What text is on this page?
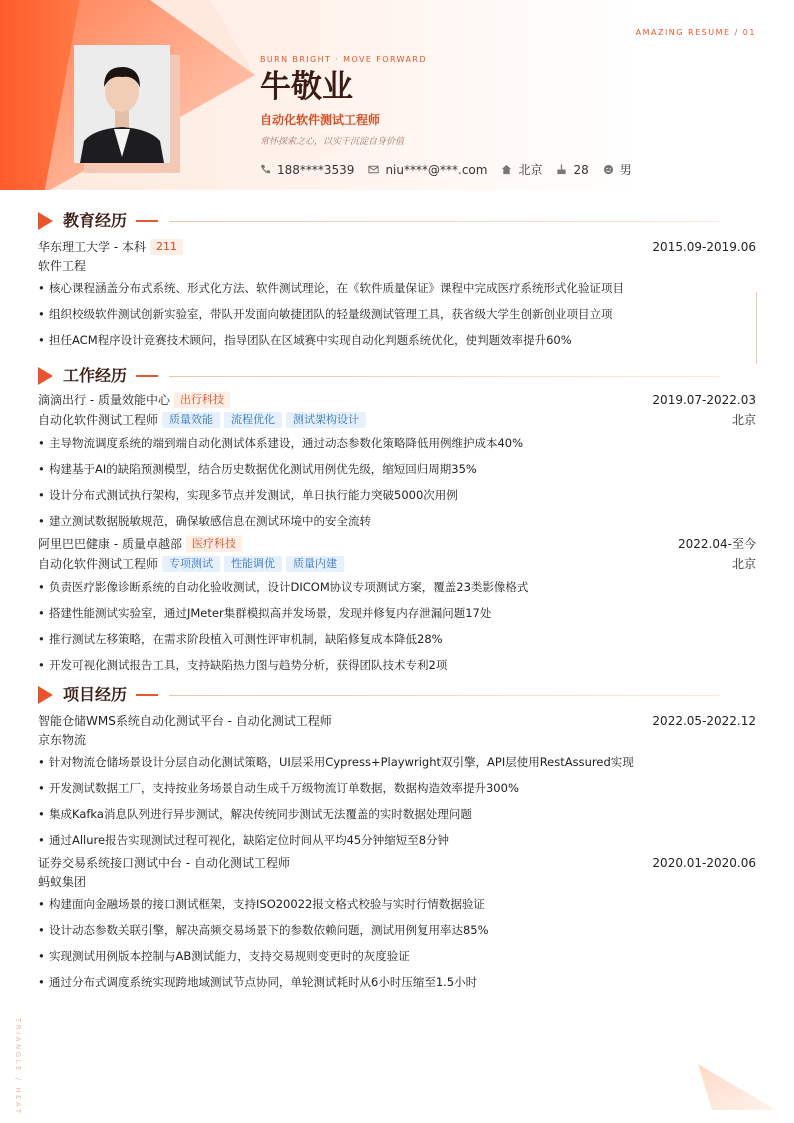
AMAZING RESUME / 01
BURN BRIGHT · MOVE FORWARD
牛敬业
自动化软件测试工程师
常怀探索之心，以实干沉淀自身价值
188****3539	niu****@***.com	北京	28	男
教育经历
华东理工大学 - 本科 211	2015.09-2019.06
软件工程
• 核心课程涵盖分布式系统、形式化方法、软件测试理论，在《软件质量保证》课程中完成医疗系统形式化验证项目
• 组织校级软件测试创新实验室，带队开发面向敏捷团队的轻量级测试管理工具，获省级大学生创新创业项目立项
• 担任ACM程序设计竞赛技术顾问，指导团队在区域赛中实现自动化判题系统优化，使判题效率提升60%
工作经历
滴滴出行 - 质量效能中心 出行科技	2019.07-2022.03
自动化软件测试工程师	质量效能	流程优化	测试架构设计	北京
• 主导物流调度系统的端到端自动化测试体系建设，通过动态参数化策略降低用例维护成本40%
• 构建基于AI的缺陷预测模型，结合历史数据优化测试用例优先级，缩短回归周期35%
• 设计分布式测试执行架构，实现多节点并发测试，单日执行能力突破5000次用例
• 建立测试数据脱敏规范，确保敏感信息在测试环境中的安全流转
阿里巴巴健康 - 质量卓越部 医疗科技	2022.04-至今
自动化软件测试工程师	专项测试	性能调优	质量内建	北京
• 负责医疗影像诊断系统的自动化验收测试，设计DICOM协议专项测试方案，覆盖23类影像格式
• 搭建性能测试实验室，通过JMeter集群模拟高并发场景，发现并修复内存泄漏问题17处
• 推行测试左移策略，在需求阶段植入可测性评审机制，缺陷修复成本降低28%
• 开发可视化测试报告工具，支持缺陷热力图与趋势分析，获得团队技术专利2项
项目经历
智能仓储WMS系统自动化测试平台 - 自动化测试工程师	2022.05-2022.12
京东物流
• 针对物流仓储场景设计分层自动化测试策略，UI层采用Cypress+Playwright双引擎，API层使用RestAssured实现
• 开发测试数据工厂，支持按业务场景自动生成千万级物流订单数据，数据构造效率提升300%
• 集成Kafka消息队列进行异步测试，解决传统同步测试无法覆盖的实时数据处理问题
• 通过Allure报告实现测试过程可视化，缺陷定位时间从平均45分钟缩短至8分钟
证券交易系统接口测试中台 - 自动化测试工程师	2020.01-2020.06
蚂蚁集团
• 构建面向金融场景的接口测试框架，支持ISO20022报文格式校验与实时行情数据验证
• 设计动态参数关联引擎，解决高频交易场景下的参数依赖问题，测试用例复用率达85%
• 实现测试用例版本控制与AB测试能力，支持交易规则变更时的灰度验证
• 通过分布式调度系统实现跨地域测试节点协同，单轮测试耗时从6小时压缩至1.5小时
TRIANGLE / HEAT
